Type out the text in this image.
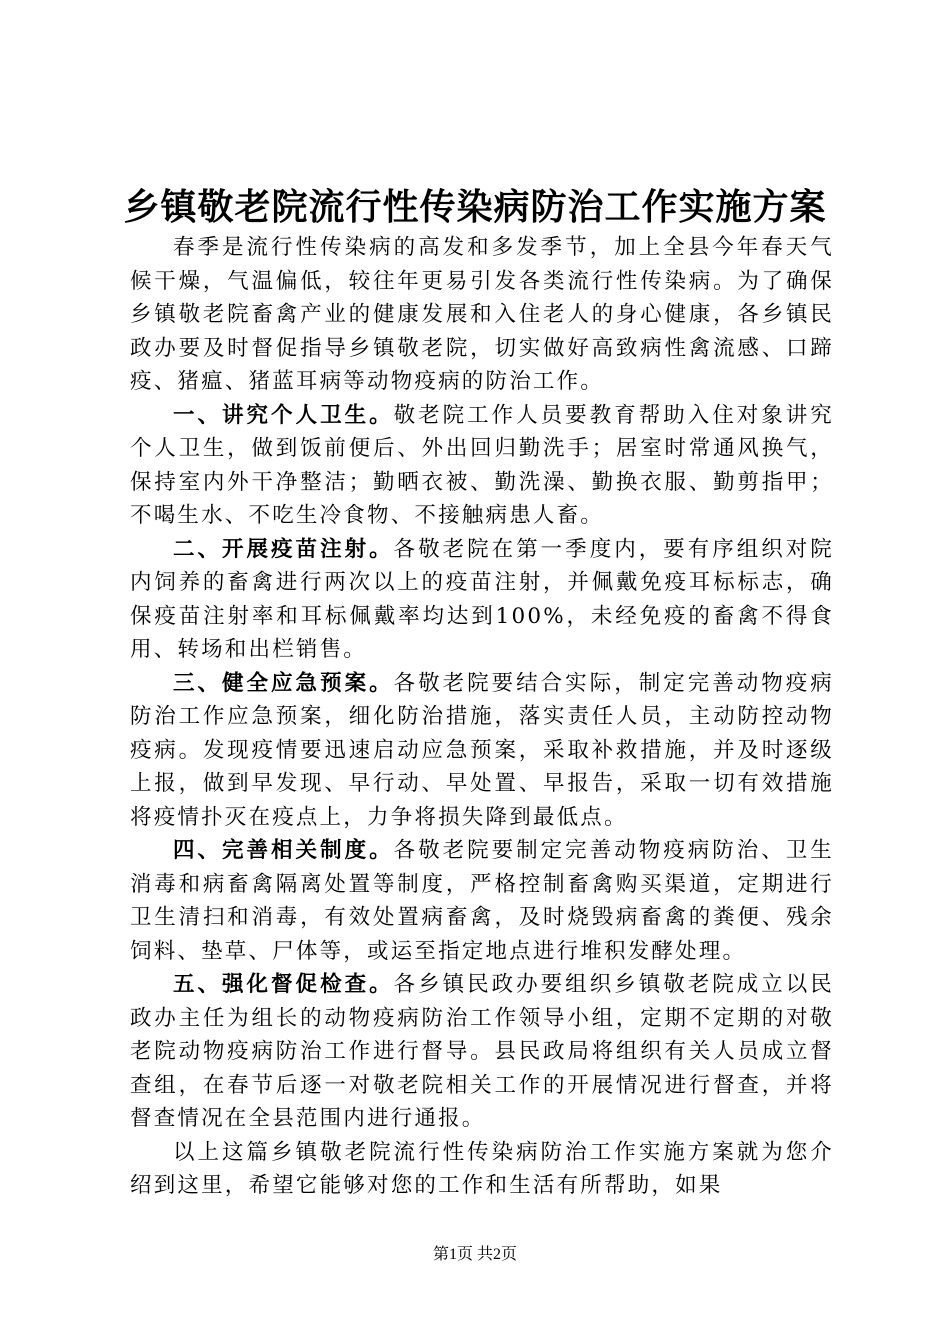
乡镇敬老院流行性传染病防治工作实施方案

春季是流行性传染病的高发和多发季节，加上全县今年春天气候干燥，气温偏低，较往年更易引发各类流行性传染病。为了确保乡镇敬老院畜禽产业的健康发展和入住老人的身心健康，各乡镇民政办要及时督促指导乡镇敬老院，切实做好高致病性禽流感、口蹄疫、猪瘟、猪蓝耳病等动物疫病的防治工作。

一、讲究个人卫生。敬老院工作人员要教育帮助入住对象讲究个人卫生，做到饭前便后、外出回归勤洗手；居室时常通风换气，保持室内外干净整洁；勤晒衣被、勤洗澡、勤换衣服、勤剪指甲；不喝生水、不吃生冷食物、不接触病患人畜。

二、开展疫苗注射。各敬老院在第一季度内，要有序组织对院内饲养的畜禽进行两次以上的疫苗注射，并佩戴免疫耳标标志，确保疫苗注射率和耳标佩戴率均达到100%，未经免疫的畜禽不得食用、转场和出栏销售。

三、健全应急预案。各敬老院要结合实际，制定完善动物疫病防治工作应急预案，细化防治措施，落实责任人员，主动防控动物疫病。发现疫情要迅速启动应急预案，采取补救措施，并及时逐级上报，做到早发现、早行动、早处置、早报告，采取一切有效措施将疫情扑灭在疫点上，力争将损失降到最低点。

四、完善相关制度。各敬老院要制定完善动物疫病防治、卫生消毒和病畜禽隔离处置等制度，严格控制畜禽购买渠道，定期进行卫生清扫和消毒，有效处置病畜禽，及时烧毁病畜禽的粪便、残余饲料、垫草、尸体等，或运至指定地点进行堆积发酵处理。

五、强化督促检查。各乡镇民政办要组织乡镇敬老院成立以民政办主任为组长的动物疫病防治工作领导小组，定期不定期的对敬老院动物疫病防治工作进行督导。县民政局将组织有关人员成立督查组，在春节后逐一对敬老院相关工作的开展情况进行督查，并将督查情况在全县范围内进行通报。

以上这篇乡镇敬老院流行性传染病防治工作实施方案就为您介绍到这里，希望它能够对您的工作和生活有所帮助，如果

第1页 共2页
